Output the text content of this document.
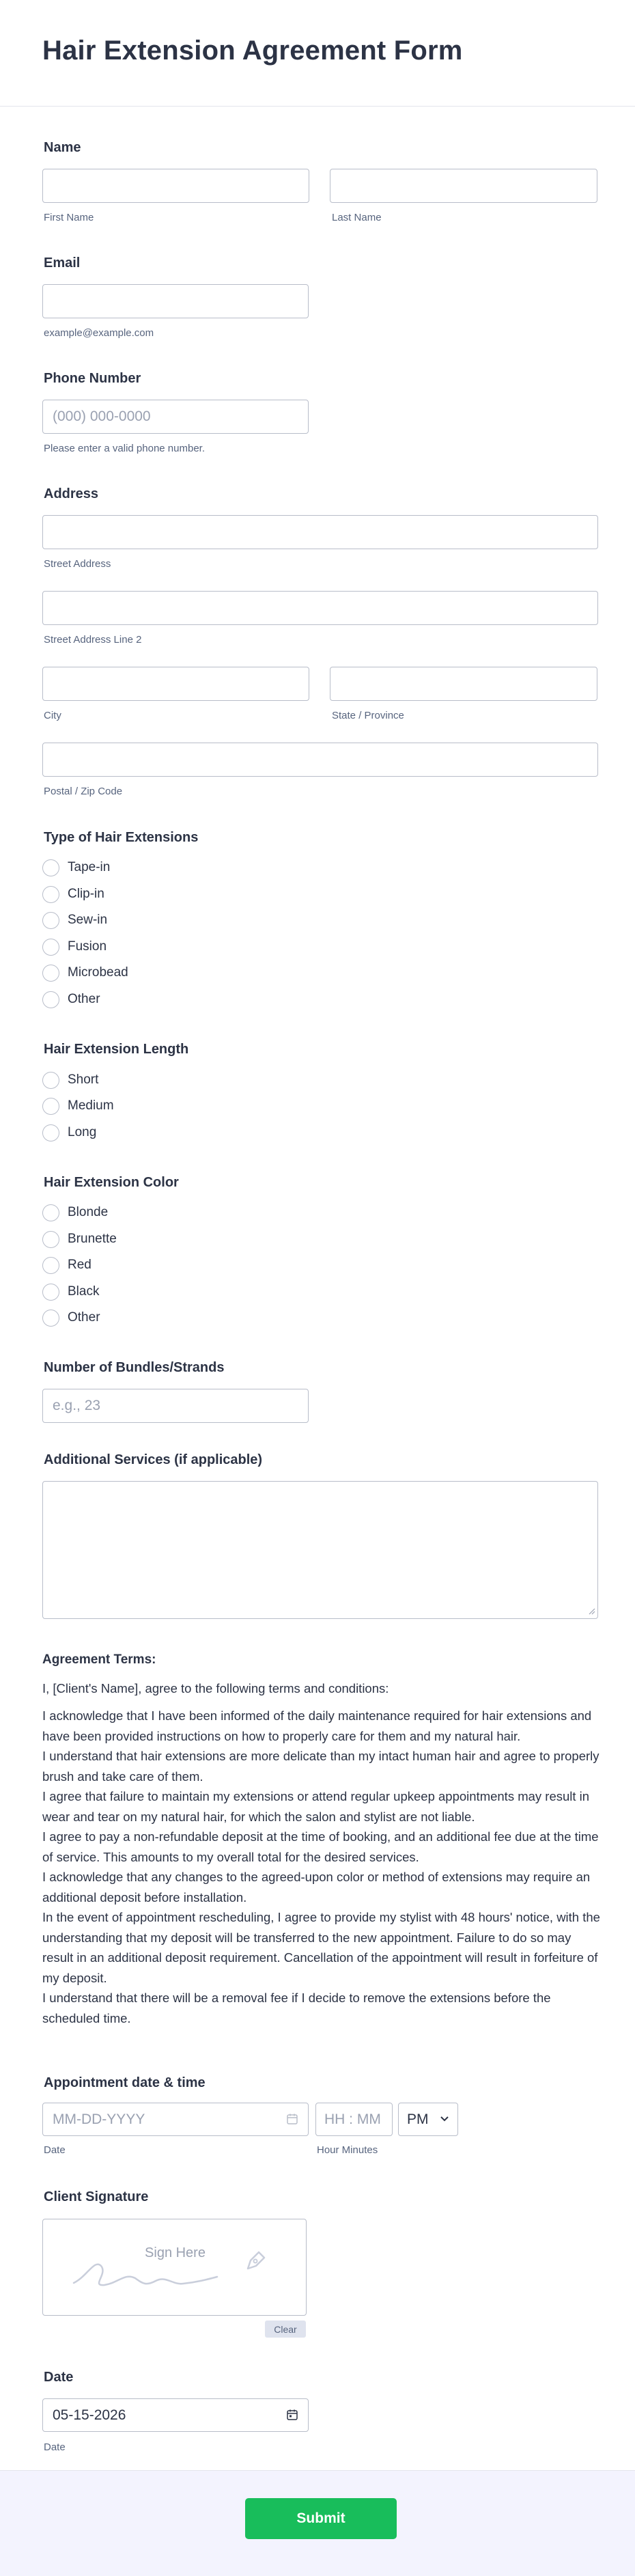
Hair Extension Agreement Form
Name
First Name	Last Name
Email
example@example.com
Phone Number
(000) 000-0000
Please enter a valid phone number.
Address
Street Address
Street Address Line 2
City	State / Province
Postal / Zip Code
Type of Hair Extensions
Tape-in
Clip-in
Sew-in
Fusion
Microbead
Other
Hair Extension Length
Short
Medium
Long
Hair Extension Color
Blonde
Brunette
Red
Black
Other
Number of Bundles/Strands
e.g., 23
Additional Services (if applicable)
Agreement Terms:
I, [Client's Name], agree to the following terms and conditions:
I acknowledge that I have been informed of the daily maintenance required for hair extensions and have been provided instructions on how to properly care for them and my natural hair.
I understand that hair extensions are more delicate than my intact human hair and agree to properly brush and take care of them.
I agree that failure to maintain my extensions or attend regular upkeep appointments may result in wear and tear on my natural hair, for which the salon and stylist are not liable.
I agree to pay a non-refundable deposit at the time of booking, and an additional fee due at the time of service. This amounts to my overall total for the desired services.
I acknowledge that any changes to the agreed-upon color or method of extensions may require an additional deposit before installation.
In the event of appointment rescheduling, I agree to provide my stylist with 48 hours' notice, with the understanding that my deposit will be transferred to the new appointment. Failure to do so may result in an additional deposit requirement. Cancellation of the appointment will result in forfeiture of my deposit.
I understand that there will be a removal fee if I decide to remove the extensions before the scheduled time.
Appointment date & time
MM-DD-YYYY	HH : MM PM
Date	Hour Minutes
Client Signature
Sign Here
Clear
Date
05-15-2026
Date
Submit
